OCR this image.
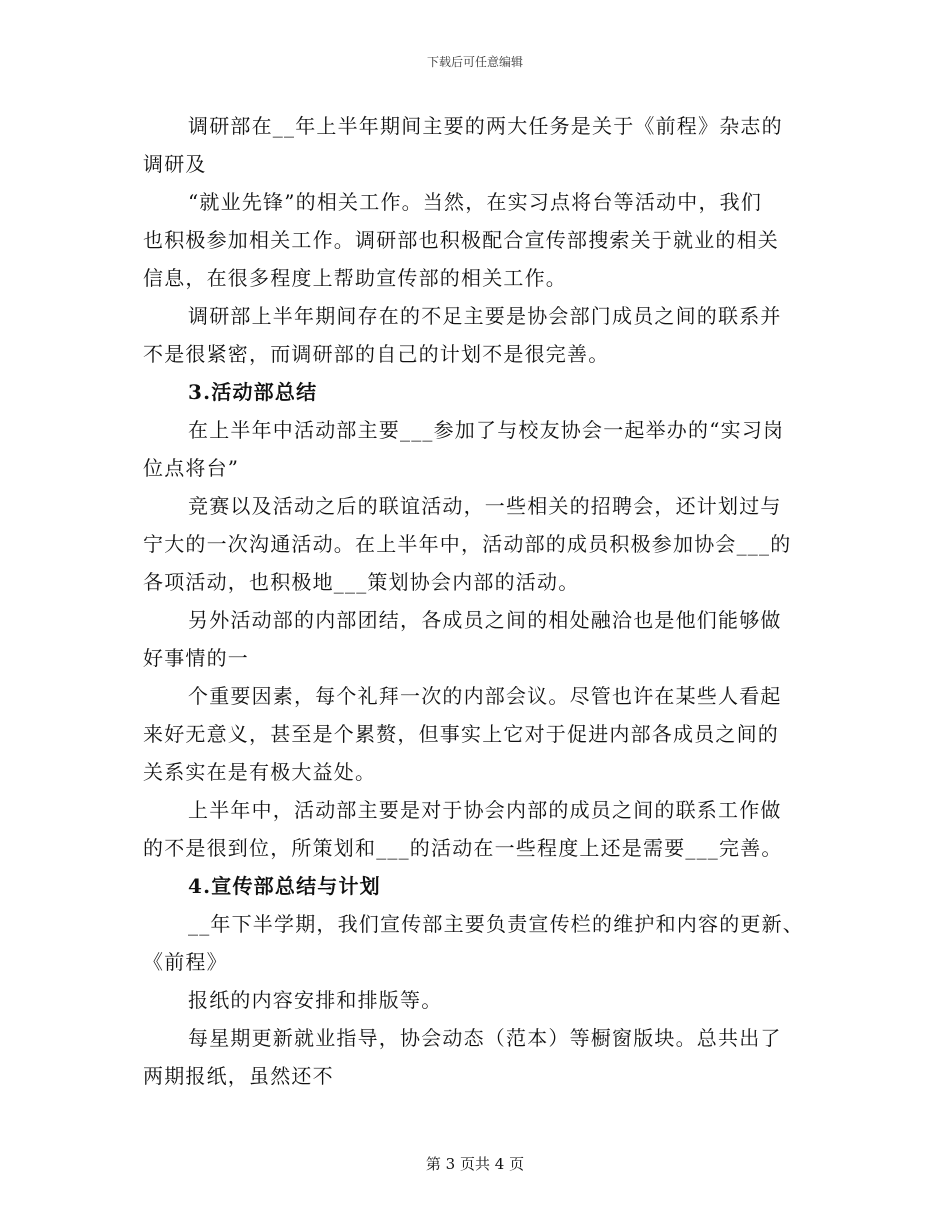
下载后可任意编辑
调研部在__年上半年期间主要的两大任务是关于《前程》杂志的
调研及
“就业先锋”的相关工作。当然，在实习点将台等活动中，我们
也积极参加相关工作。调研部也积极配合宣传部搜索关于就业的相关
信息，在很多程度上帮助宣传部的相关工作。
调研部上半年期间存在的不足主要是协会部门成员之间的联系并
不是很紧密，而调研部的自己的计划不是很完善。
3.活动部总结
在上半年中活动部主要___参加了与校友协会一起举办的“实习岗
位点将台”
竞赛以及活动之后的联谊活动，一些相关的招聘会，还计划过与
宁大的一次沟通活动。在上半年中，活动部的成员积极参加协会___的
各项活动，也积极地___策划协会内部的活动。
另外活动部的内部团结，各成员之间的相处融洽也是他们能够做
好事情的一
个重要因素，每个礼拜一次的内部会议。尽管也许在某些人看起
来好无意义，甚至是个累赘，但事实上它对于促进内部各成员之间的
关系实在是有极大益处。
上半年中，活动部主要是对于协会内部的成员之间的联系工作做
的不是很到位，所策划和___的活动在一些程度上还是需要___完善。
4.宣传部总结与计划
__年下半学期，我们宣传部主要负责宣传栏的维护和内容的更新、
《前程》
报纸的内容安排和排版等。
每星期更新就业指导，协会动态（范本）等橱窗版块。总共出了
两期报纸，虽然还不
第 3 页共 4 页
